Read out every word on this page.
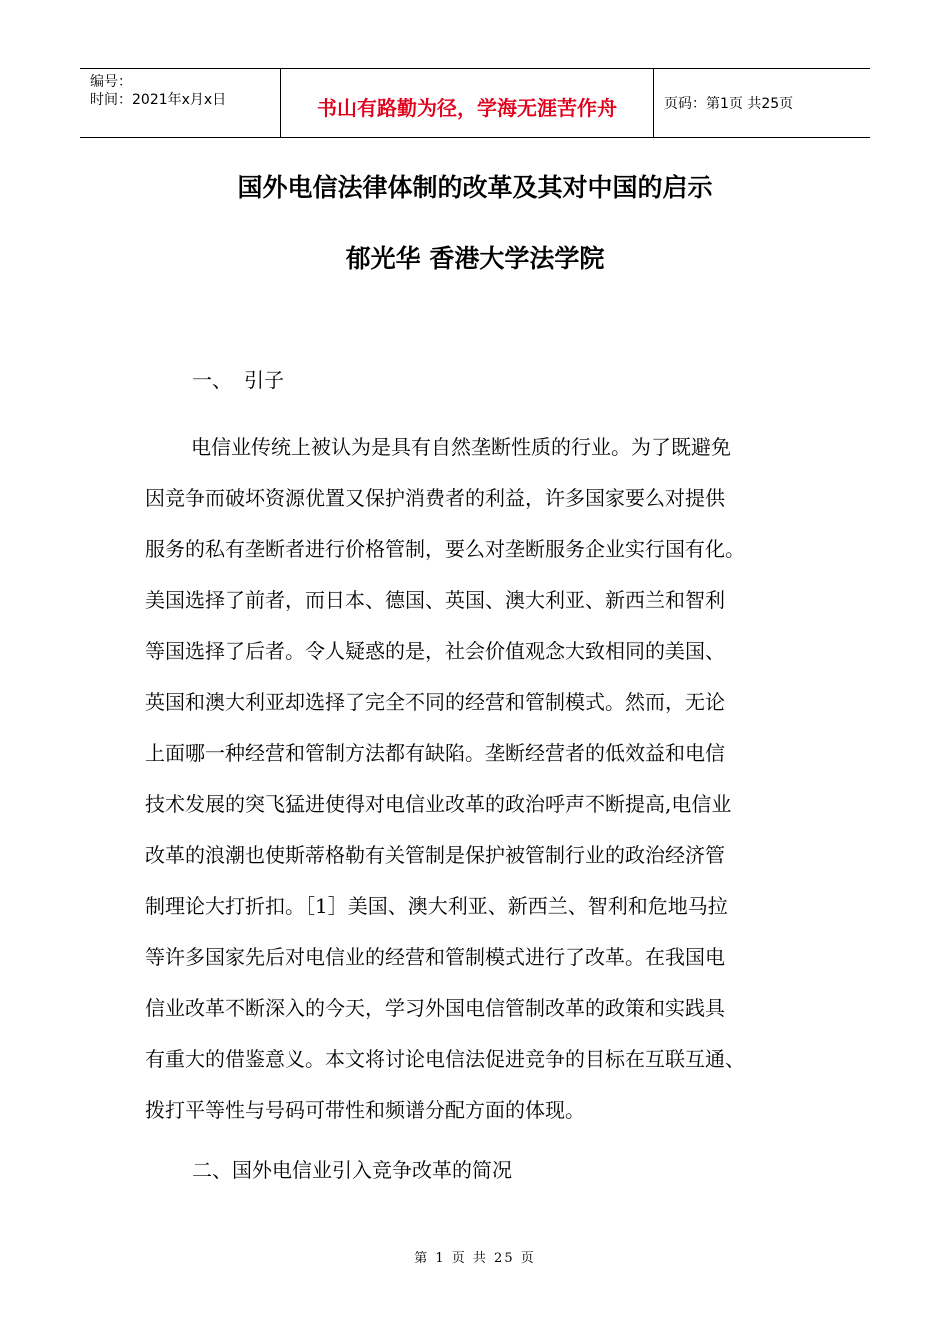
编号：
时间：2021年x月x日	书山有路勤为径，学海无涯苦作舟	页码：第1页 共25页
国外电信法律体制的改革及其对中国的启示
郁光华 香港大学法学院
一、 引子
电信业传统上被认为是具有自然垄断性质的行业。为了既避免
因竞争而破坏资源优置又保护消费者的利益，许多国家要么对提供
服务的私有垄断者进行价格管制，要么对垄断服务企业实行国有化。
美国选择了前者，而日本、德国、英国、澳大利亚、新西兰和智利
等国选择了后者。令人疑惑的是，社会价值观念大致相同的美国、
英国和澳大利亚却选择了完全不同的经营和管制模式。然而，无论
上面哪一种经营和管制方法都有缺陷。垄断经营者的低效益和电信
技术发展的突飞猛进使得对电信业改革的政治呼声不断提高,电信业
改革的浪潮也使斯蒂格勒有关管制是保护被管制行业的政治经济管
制理论大打折扣。［1］美国、澳大利亚、新西兰、智利和危地马拉
等许多国家先后对电信业的经营和管制模式进行了改革。在我国电
信业改革不断深入的今天，学习外国电信管制改革的政策和实践具
有重大的借鉴意义。本文将讨论电信法促进竞争的目标在互联互通、
拨打平等性与号码可带性和频谱分配方面的体现。
二、国外电信业引入竞争改革的简况
第 1 页 共 25 页
